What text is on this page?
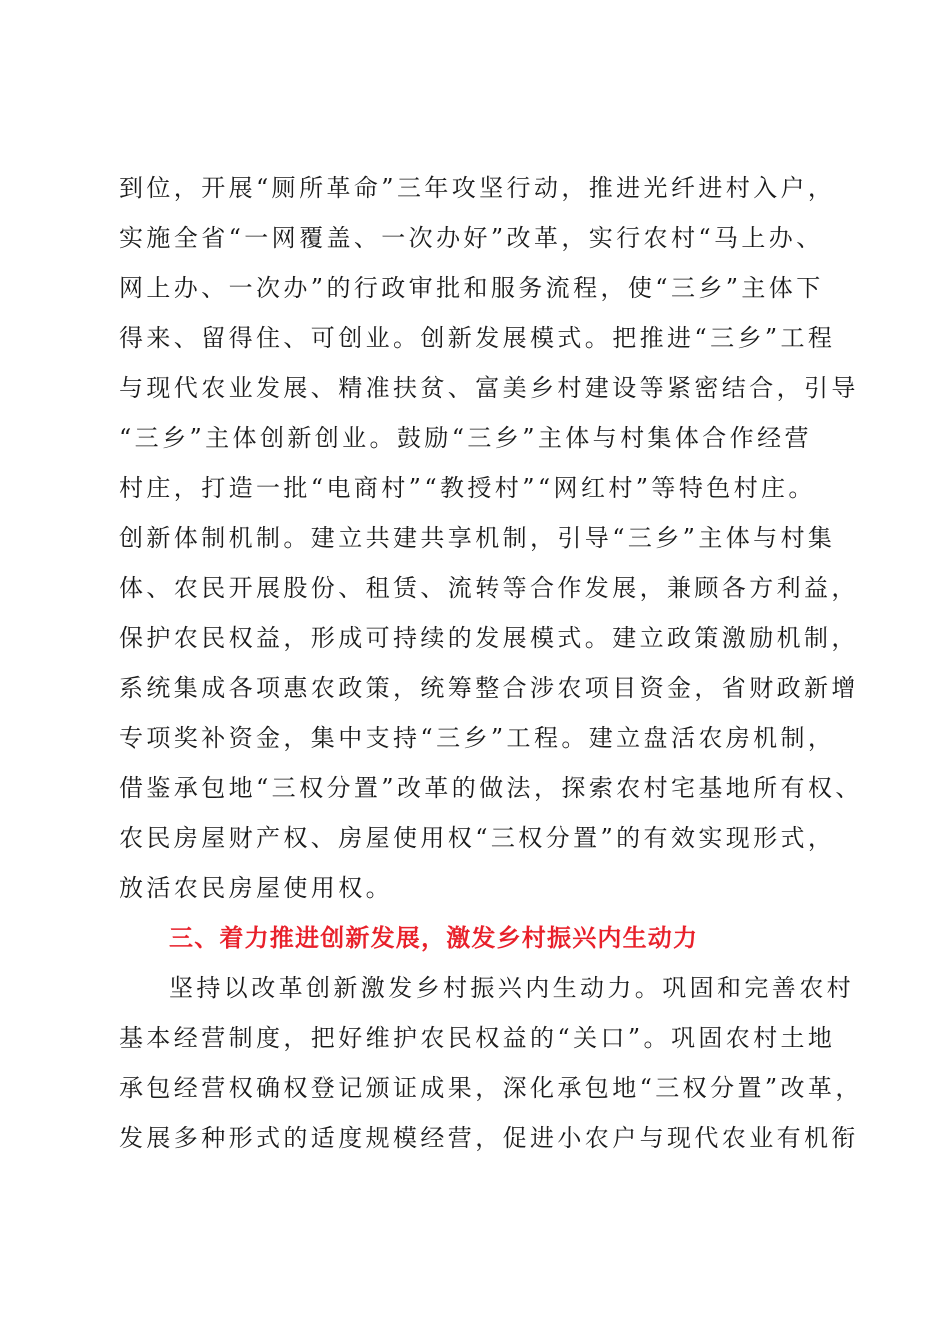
到位，开展“厕所革命”三年攻坚行动，推进光纤进村入户，
实施全省“一网覆盖、一次办好”改革，实行农村“马上办、
网上办、一次办”的行政审批和服务流程，使“三乡”主体下
得来、留得住、可创业。创新发展模式。把推进“三乡”工程
与现代农业发展、精准扶贫、富美乡村建设等紧密结合，引导
“三乡”主体创新创业。鼓励“三乡”主体与村集体合作经营
村庄，打造一批“电商村”“教授村”“网红村”等特色村庄。
创新体制机制。建立共建共享机制，引导“三乡”主体与村集
体、农民开展股份、租赁、流转等合作发展，兼顾各方利益，
保护农民权益，形成可持续的发展模式。建立政策激励机制，
系统集成各项惠农政策，统筹整合涉农项目资金，省财政新增
专项奖补资金，集中支持“三乡”工程。建立盘活农房机制，
借鉴承包地“三权分置”改革的做法，探索农村宅基地所有权、
农民房屋财产权、房屋使用权“三权分置”的有效实现形式，
放活农民房屋使用权。
三、着力推进创新发展，激发乡村振兴内生动力
坚持以改革创新激发乡村振兴内生动力。巩固和完善农村
基本经营制度，把好维护农民权益的“关口”。巩固农村土地
承包经营权确权登记颁证成果，深化承包地“三权分置”改革，
发展多种形式的适度规模经营，促进小农户与现代农业有机衔
